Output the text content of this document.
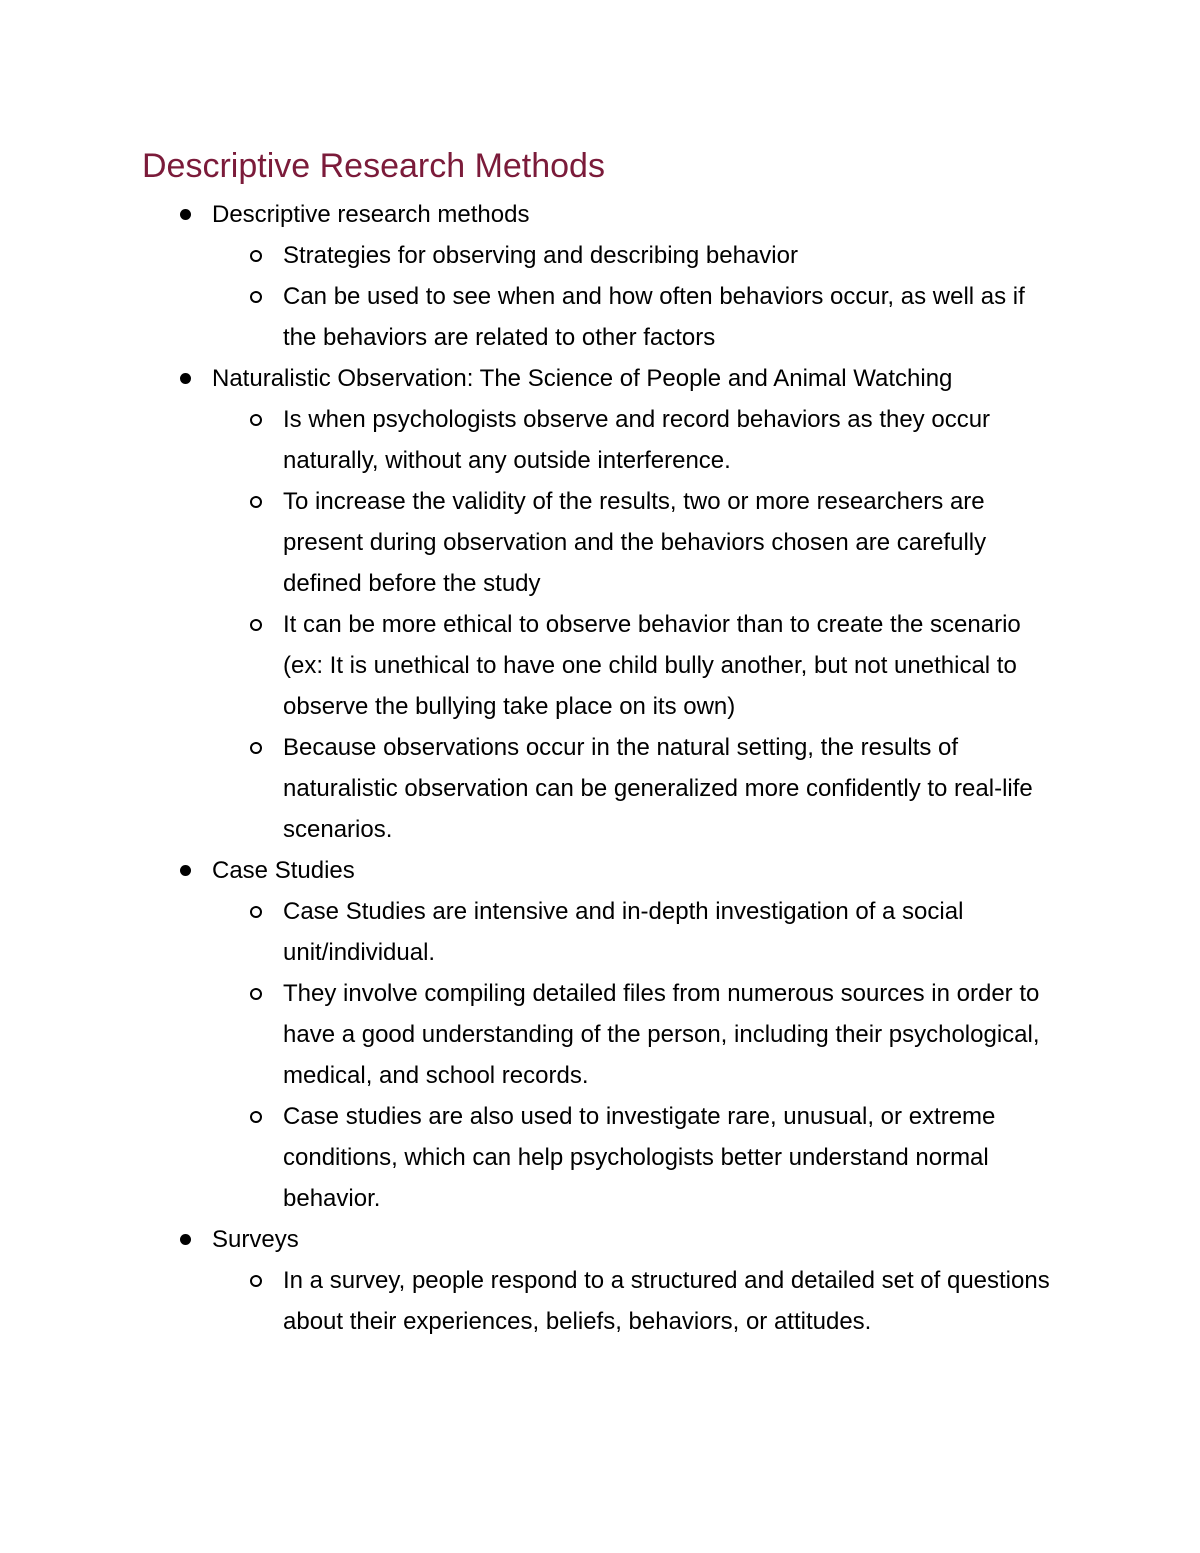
Descriptive Research Methods
Descriptive research methods
Strategies for observing and describing behavior
Can be used to see when and how often behaviors occur, as well as if the behaviors are related to other factors
Naturalistic Observation: The Science of People and Animal Watching
Is when psychologists observe and record behaviors as they occur naturally, without any outside interference.
To increase the validity of the results, two or more researchers are present during observation and the behaviors chosen are carefully defined before the study
It can be more ethical to observe behavior than to create the scenario (ex: It is unethical to have one child bully another, but not unethical to observe the bullying take place on its own)
Because observations occur in the natural setting, the results of naturalistic observation can be generalized more confidently to real-life scenarios.
Case Studies
Case Studies are intensive and in-depth investigation of a social unit/individual.
They involve compiling detailed files from numerous sources in order to have a good understanding of the person, including their psychological, medical, and school records.
Case studies are also used to investigate rare, unusual, or extreme conditions, which can help psychologists better understand normal behavior.
Surveys
In a survey, people respond to a structured and detailed set of questions about their experiences, beliefs, behaviors, or attitudes.
